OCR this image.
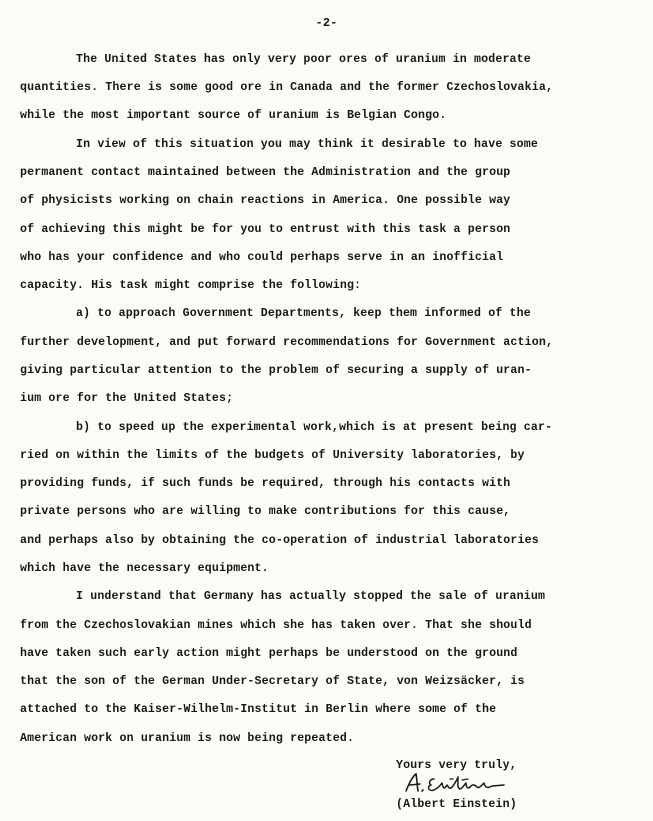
-2-
The United States has only very poor ores of uranium in moderate
quantities. There is some good ore in Canada and the former Czechoslovakia,
while the most important source of uranium is Belgian Congo.
In view of this situation you may think it desirable to have some
permanent contact maintained between the Administration and the group
of physicists working on chain reactions in America. One possible way
of achieving this might be for you to entrust with this task a person
who has your confidence and who could perhaps serve in an inofficial
capacity. His task might comprise the following:
a) to approach Government Departments, keep them informed of the
further development, and put forward recommendations for Government action,
giving particular attention to the problem of securing a supply of uran-
ium ore for the United States;
b) to speed up the experimental work,which is at present being car-
ried on within the limits of the budgets of University laboratories, by
providing funds, if such funds be required, through his contacts with
private persons who are willing to make contributions for this cause,
and perhaps also by obtaining the co-operation of industrial laboratories
which have the necessary equipment.
I understand that Germany has actually stopped the sale of uranium
from the Czechoslovakian mines which she has taken over. That she should
have taken such early action might perhaps be understood on the ground
that the son of the German Under-Secretary of State, von Weizsäcker, is
attached to the Kaiser-Wilhelm-Institut in Berlin where some of the
American work on uranium is now being repeated.
Yours very truly,
(Albert Einstein)
